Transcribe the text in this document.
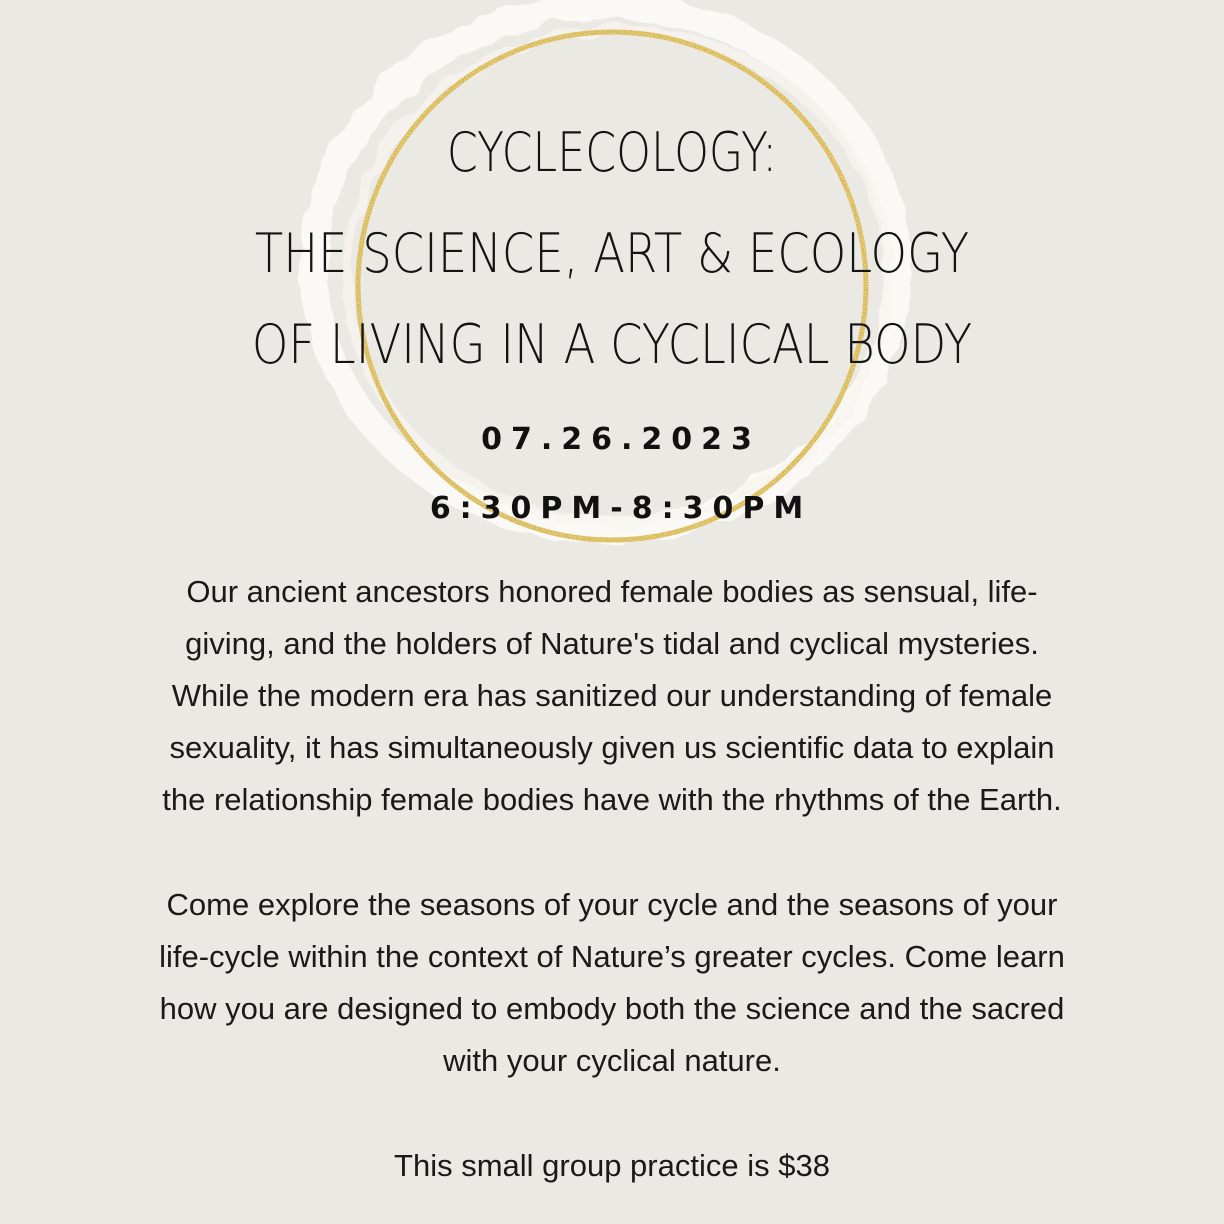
CYCLECOLOGY:
THE SCIENCE, ART & ECOLOGY
OF LIVING IN A CYCLICAL BODY
07.26.2023
6:30PM-8:30PM
Our ancient ancestors honored female bodies as sensual, life-
giving, and the holders of Nature's tidal and cyclical mysteries.
While the modern era has sanitized our understanding of female
sexuality, it has simultaneously given us scientific data to explain
the relationship female bodies have with the rhythms of the Earth.
Come explore the seasons of your cycle and the seasons of your
life-cycle within the context of Nature’s greater cycles. Come learn
how you are designed to embody both the science and the sacred
with your cyclical nature.
This small group practice is $38
